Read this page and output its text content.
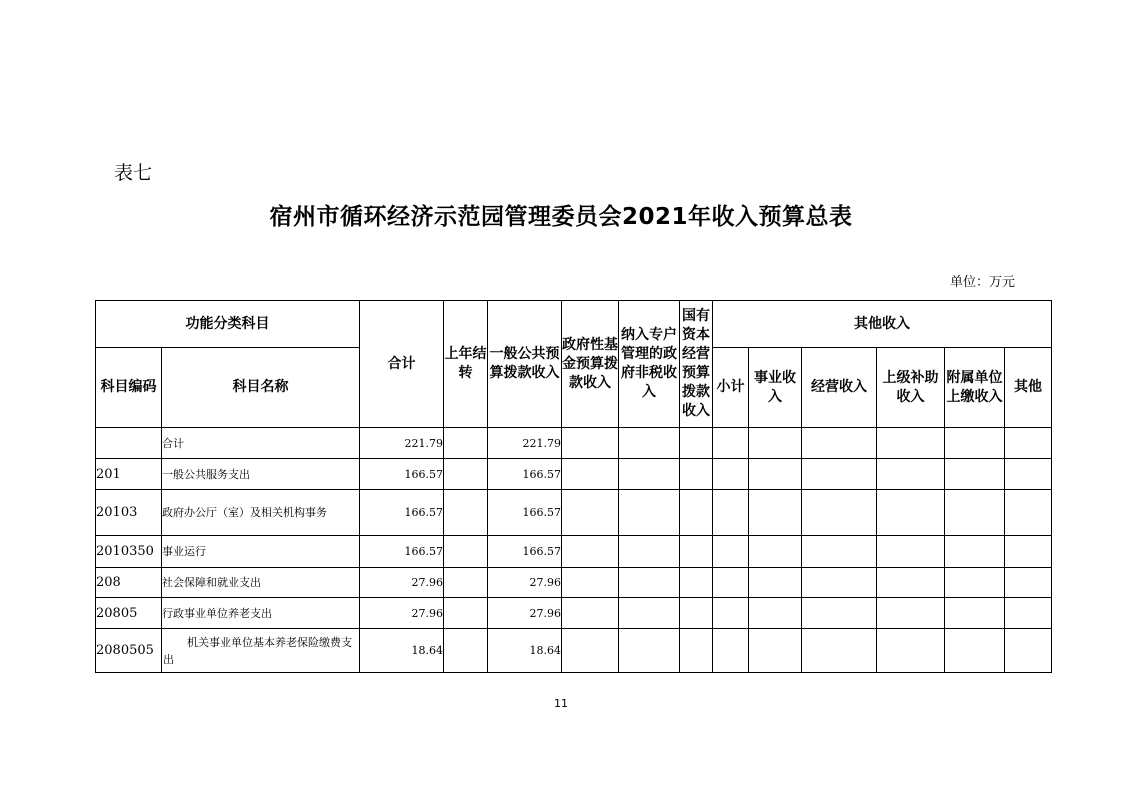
表七
宿州市循环经济示范园管理委员会2021年收入预算总表
单位：万元
功能分类科目		合计	上年结转	一般公共预算拨款收入	政府性基金预算拨款收入	纳入专户管理的政府非税收入	国有资本经营预算拨款收入	其他收入					
科目编码	科目名称							小计	事业收入	经营收入	上级补助收入	附属单位上缴收入	其他
	合计	221.79		221.79									
201	一般公共服务支出	166.57		166.57									
20103	政府办公厅（室）及相关机构事务	166.57		166.57									
2010350	事业运行	166.57		166.57									
208	社会保障和就业支出	27.96		27.96									
20805	行政事业单位养老支出	27.96		27.96									
2080505	机关事业单位基本养老保险缴费支出	18.64		18.64									
11
